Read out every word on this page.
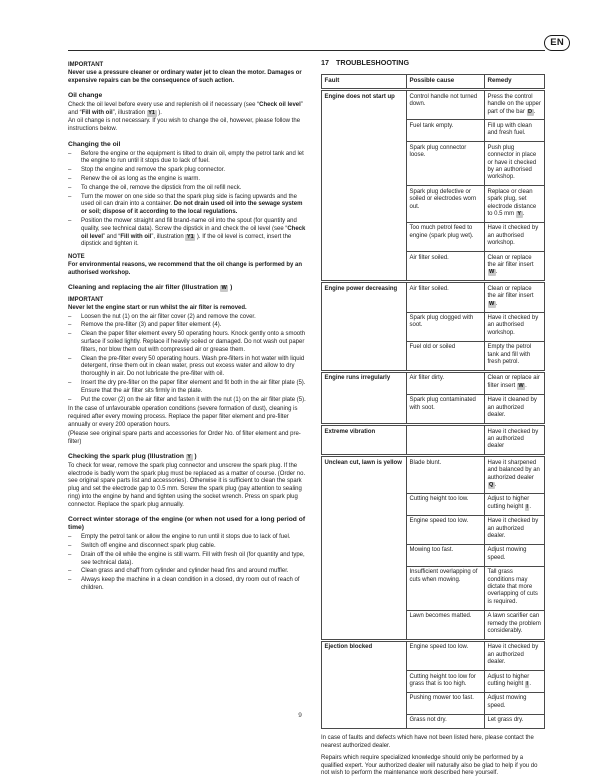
EN
IMPORTANT
Never use a pressure cleaner or ordinary water jet to clean the motor. Damages or expensive repairs can be the consequence of such action.
Oil change
Check the oil level before every use and replenish oil if necessary (see “Check oil level” and “Fill with oil”, illustration Y1 ).
An oil change is not necessary. If you wish to change the oil, however, please follow the instructions below.
Changing the oil
–	Before the engine or the equipment is tilted to drain oil, empty the petrol tank and let the engine to run until it stops due to lack of fuel.
–	Stop the engine and remove the spark plug connector.
–	Renew the oil as long as the engine is warm.
–	To change the oil, remove the dipstick from the oil refill neck.
–	Turn the mower on one side so that the spark plug side is facing upwards and the used oil can drain into a container. Do not drain used oil into the sewage system or soil; dispose of it according to the local regulations.
–	Position the mower straight and fill brand-name oil into the spout (for quantity and quality, see technical data). Screw the dipstick in and check the oil level (see “Check oil level” and “Fill with oil”, illustration Y1 ). If the oil level is correct, insert the dipstick and tighten it.
NOTE
For environmental reasons, we recommend that the oil change is performed by an authorised workshop.
Cleaning and replacing the air filter (Illustration W )
IMPORTANT
Never let the engine start or run whilst the air filter is removed.
–	Loosen the nut (1) on the air filter cover (2) and remove the cover.
–	Remove the pre-filter (3) and paper filter element (4).
–	Clean the paper filter element every 50 operating hours. Knock gently onto a smooth surface if soiled lightly. Replace if heavily soiled or damaged. Do not wash out paper filters, nor blow them out with compressed air or grease them.
–	Clean the pre-filter every 50 operating hours. Wash pre-filters in hot water with liquid detergent, rinse them out in clean water, press out excess water and allow to dry thoroughly in air. Do not lubricate the pre-filter with oil.
–	Insert the dry pre-filter on the paper filter element and fit both in the air filter plate (5). Ensure that the air filter sits firmly in the plate.
–	Put the cover (2) on the air filter and fasten it with the nut (1) on the air filter plate (5).
In the case of unfavourable operation conditions (severe formation of dust), cleaning is required after every mowing process. Replace the paper filter element and pre-filter annually or every 200 operation hours.
(Please see original spare parts and accessories for Order No. of filter element and pre-filter)
Checking the spark plug (Illustration Y )
To check for wear, remove the spark plug connector and unscrew the spark plug. If the electrode is badly worn the spark plug must be replaced as a matter of course. (Order no. see original spare parts list and accessories). Otherwise it is sufficient to clean the spark plug and set the electrode gap to 0.5 mm. Screw the spark plug (pay attention to sealing ring) into the engine by hand and tighten using the socket wrench. Press on spark plug connector. Replace the spark plug annually.
Correct winter storage of the engine (or when not used for a long period of time)
–	Empty the petrol tank or allow the engine to run until it stops due to lack of fuel.
–	Switch off engine and disconnect spark plug cable.
–	Drain off the oil while the engine is still warm. Fill with fresh oil (for quantity and type, see technical data).
–	Clean grass and chaff from cylinder and cylinder head fins and around muffler.
–	Always keep the machine in a clean condition in a closed, dry room out of reach of children.
17 TROUBLESHOOTING
Fault	Possible cause	Remedy
Engine does not start up	Control handle not turned down.	Press the control handle on the upper part of the bar D .
	Fuel tank empty.	Fill up with clean and fresh fuel.
	Spark plug connector loose.	Push plug connector in place or have it checked by an authorised workshop.
	Spark plug defective or soiled or electrodes worn out.	Replace or clean spark plug, set electrode distance to 0.5 mm Y .
	Too much petrol feed to engine (spark plug wet).	Have it checked by an authorised workshop.
	Air filter soiled.	Clean or replace the air filter insert W .
Engine power decreasing	Air filter soiled.	Clean or replace the air filter insert W .
	Spark plug clogged with soot.	Have it checked by an authorised workshop.
	Fuel old or soiled	Empty the petrol tank and fill with fresh petrol.
Engine runs irregularly	Air filter dirty.	Clean or replace air filter insert W .
	Spark plug contaminated with soot.	Have it cleaned by an authorized dealer.
Extreme vibration		Have it checked by an authorized dealer
Unclean cut, lawn is yellow	Blade blunt.	Have it sharpened and balanced by an authorized dealer Q .
	Cutting height too low.	Adjust to higher cutting height I .
	Engine speed too low.	Have it checked by an authorized dealer.
	Mowing too fast.	Adjust mowing speed.
	Insufficient overlapping of cuts when mowing.	Tall grass conditions may dictate that more overlapping of cuts is required.
	Lawn becomes matted.	A lawn scarifier can remedy the problem considerably.
Ejection blocked	Engine speed too low.	Have it checked by an authorized dealer.
	Cutting height too low for grass that is too high.	Adjust to higher cutting height I .
	Pushing mower too fast.	Adjust mowing speed.
	Grass not dry.	Let grass dry.
In case of faults and defects which have not been listed here, please contact the nearest authorized dealer.
Repairs which require specialized knowledge should only be performed by a qualified expert. Your authorized dealer will naturally also be glad to help if you do not wish to perform the maintenance work described here yourself.
9
